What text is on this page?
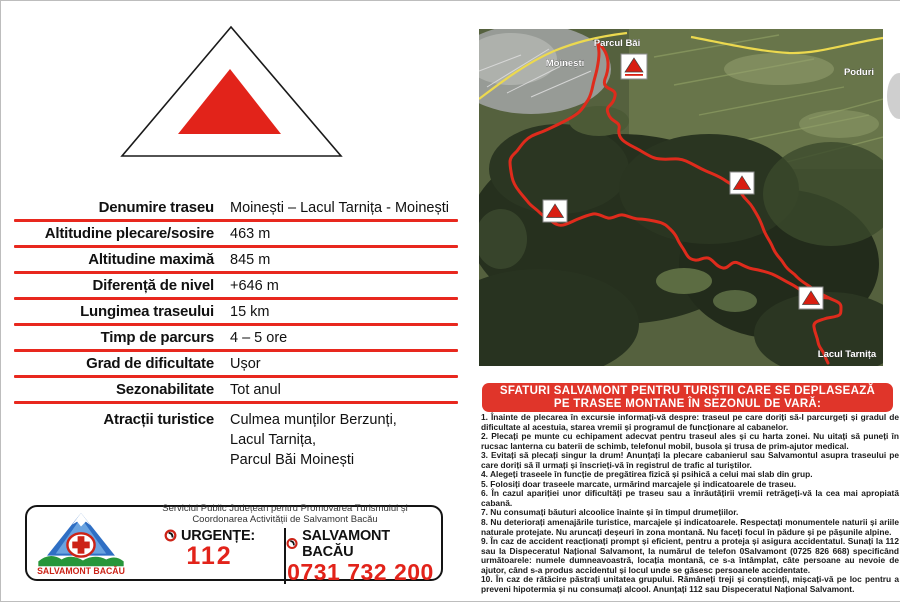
Denumire traseu Moinești – Lacul Tarnița - Moinești
Altitudine plecare/sosire 463 m
Altitudine maximă 845 m
Diferență de nivel +646 m
Lungimea traseului 15 km
Timp de parcurs 4 – 5 ore
Grad de dificultate Ușor
Sezonabilitate Tot anul
Atracții turistice Culmea munților Berzunți,
Lacul Tarnița,
Parcul Băi Moinești
Parcul Băi
Moinești
Poduri
Lacul Tarnița
SFATURI SALVAMONT PENTRU TURIȘTII CARE SE DEPLASEAZĂ
PE TRASEE MONTANE ÎN SEZONUL DE VARĂ:

1. Înainte de plecarea în excursie informați-vă despre: traseul pe care doriți să-l parcurgeți și gradul de dificultate al acestuia, starea vremii și programul de funcționare al cabanelor.

2. Plecați pe munte cu echipament adecvat pentru traseul ales și cu harta zonei. Nu uitați să puneți în rucsac lanterna cu baterii de schimb, telefonul mobil, busola și trusa de prim-ajutor medical.

3. Evitați să plecați singur la drum! Anunțați la plecare cabanierul sau Salvamontul asupra traseului pe care doriți să îl urmați și înscrieți-vă în registrul de trafic al turiștilor.

4. Alegeți traseele în funcție de pregătirea fizică și psihică a celui mai slab din grup.

5. Folosiți doar traseele marcate, urmărind marcajele și indicatoarele de traseu.

6. În cazul apariției unor dificultăți pe traseu sau a înrăutățirii vremii retrăgeți-vă la cea mai apropiată cabană.

7. Nu consumați băuturi alcoolice înainte și în timpul drumețiilor.

8. Nu deteriorați amenajările turistice, marcajele și indicatoarele. Respectați monumentele naturii și ariile naturale protejate. Nu aruncați deșeuri în zona montană. Nu faceți focul în pădure și pe pășunile alpine.

9. În caz de accident reacționați prompt și eficient, pentru a proteja și asigura accidentatul. Sunați la 112 sau la Dispeceratul Național Salvamont, la numărul de telefon 0Salvamont (0725 826 668) specificând următoarele: numele dumneavoastră, locația montană, ce s-a întâmplat, câte persoane au nevoie de ajutor, când s-a produs accidentul și locul unde se găsesc persoanele accidentate.

10. În caz de rătăcire păstrați unitatea grupului. Rămâneți treji și conștienți, mișcați-vă pe loc pentru a preveni hipotermia și nu consumați alcool. Anunțați 112 sau Dispeceratul Național Salvamont.

SALVAMONT BACĂU
Serviciul Public Județean pentru Promovarea Turismului și
Coordonarea Activității de Salvamont Bacău
URGENȚE:
112
SALVAMONT BACĂU
0731 732 200
